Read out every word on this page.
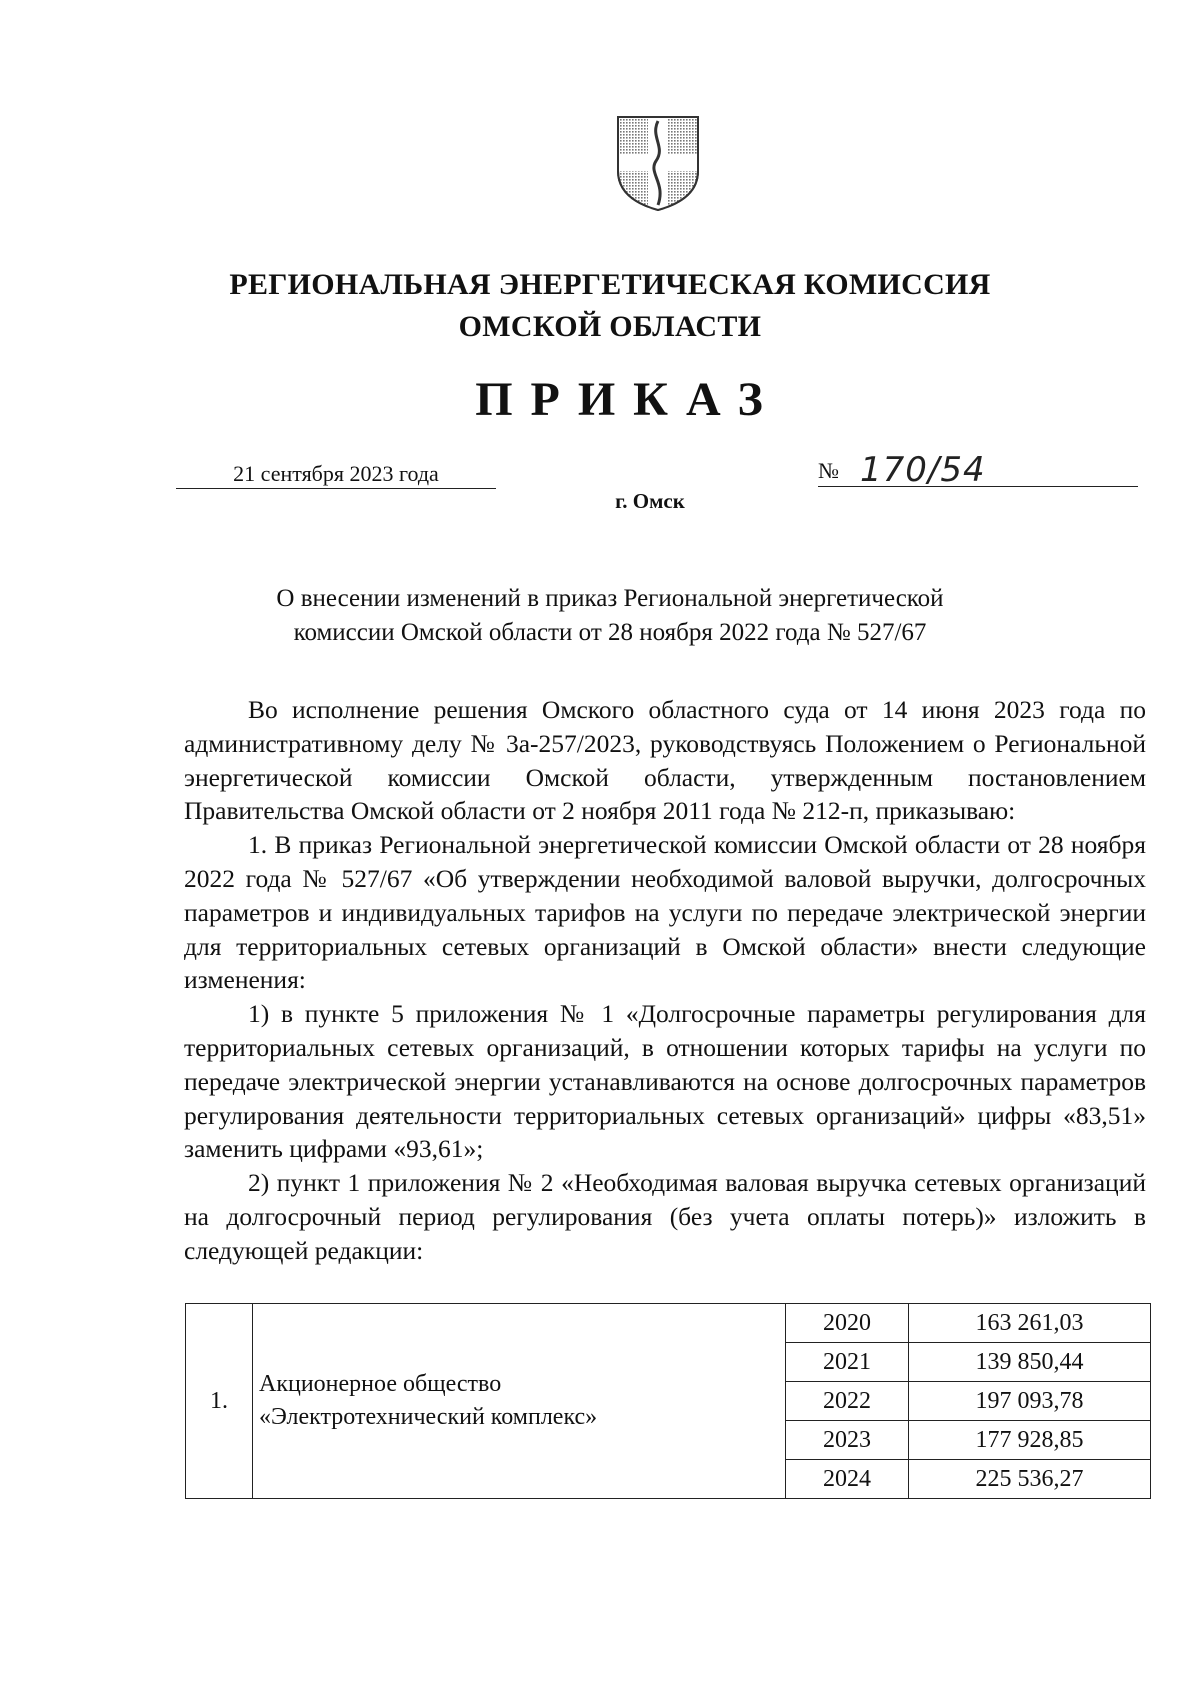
РЕГИОНАЛЬНАЯ ЭНЕРГЕТИЧЕСКАЯ КОМИССИЯ
ОМСКОЙ ОБЛАСТИ
ПРИКАЗ
21 сентября 2023 года	№ 170/54
г. Омск
О внесении изменений в приказ Региональной энергетической
комиссии Омской области от 28 ноября 2022 года № 527/67

Во исполнение решения Омского областного суда от 14 июня 2023 года по административному делу № 3а-257/2023, руководствуясь Положением о Региональной энергетической комиссии Омской области, утвержденным постановлением Правительства Омской области от 2 ноября 2011 года № 212-п, приказываю:

1. В приказ Региональной энергетической комиссии Омской области от 28 ноября 2022 года № 527/67 «Об утверждении необходимой валовой выручки, долгосрочных параметров и индивидуальных тарифов на услуги по передаче электрической энергии для территориальных сетевых организаций в Омской области» внести следующие изменения:

1) в пункте 5 приложения № 1 «Долгосрочные параметры регулирования для территориальных сетевых организаций, в отношении которых тарифы на услуги по передаче электрической энергии устанавливаются на основе долгосрочных параметров регулирования деятельности территориальных сетевых организаций» цифры «83,51» заменить цифрами «93,61»;

2) пункт 1 приложения № 2 «Необходимая валовая выручка сетевых организаций на долгосрочный период регулирования (без учета оплаты потерь)» изложить в следующей редакции:

1.	Акционерное общество
«Электротехнический комплекс»	2020	163 261,03
		2021	139 850,44
		2022	197 093,78
		2023	177 928,85
		2024	225 536,27
